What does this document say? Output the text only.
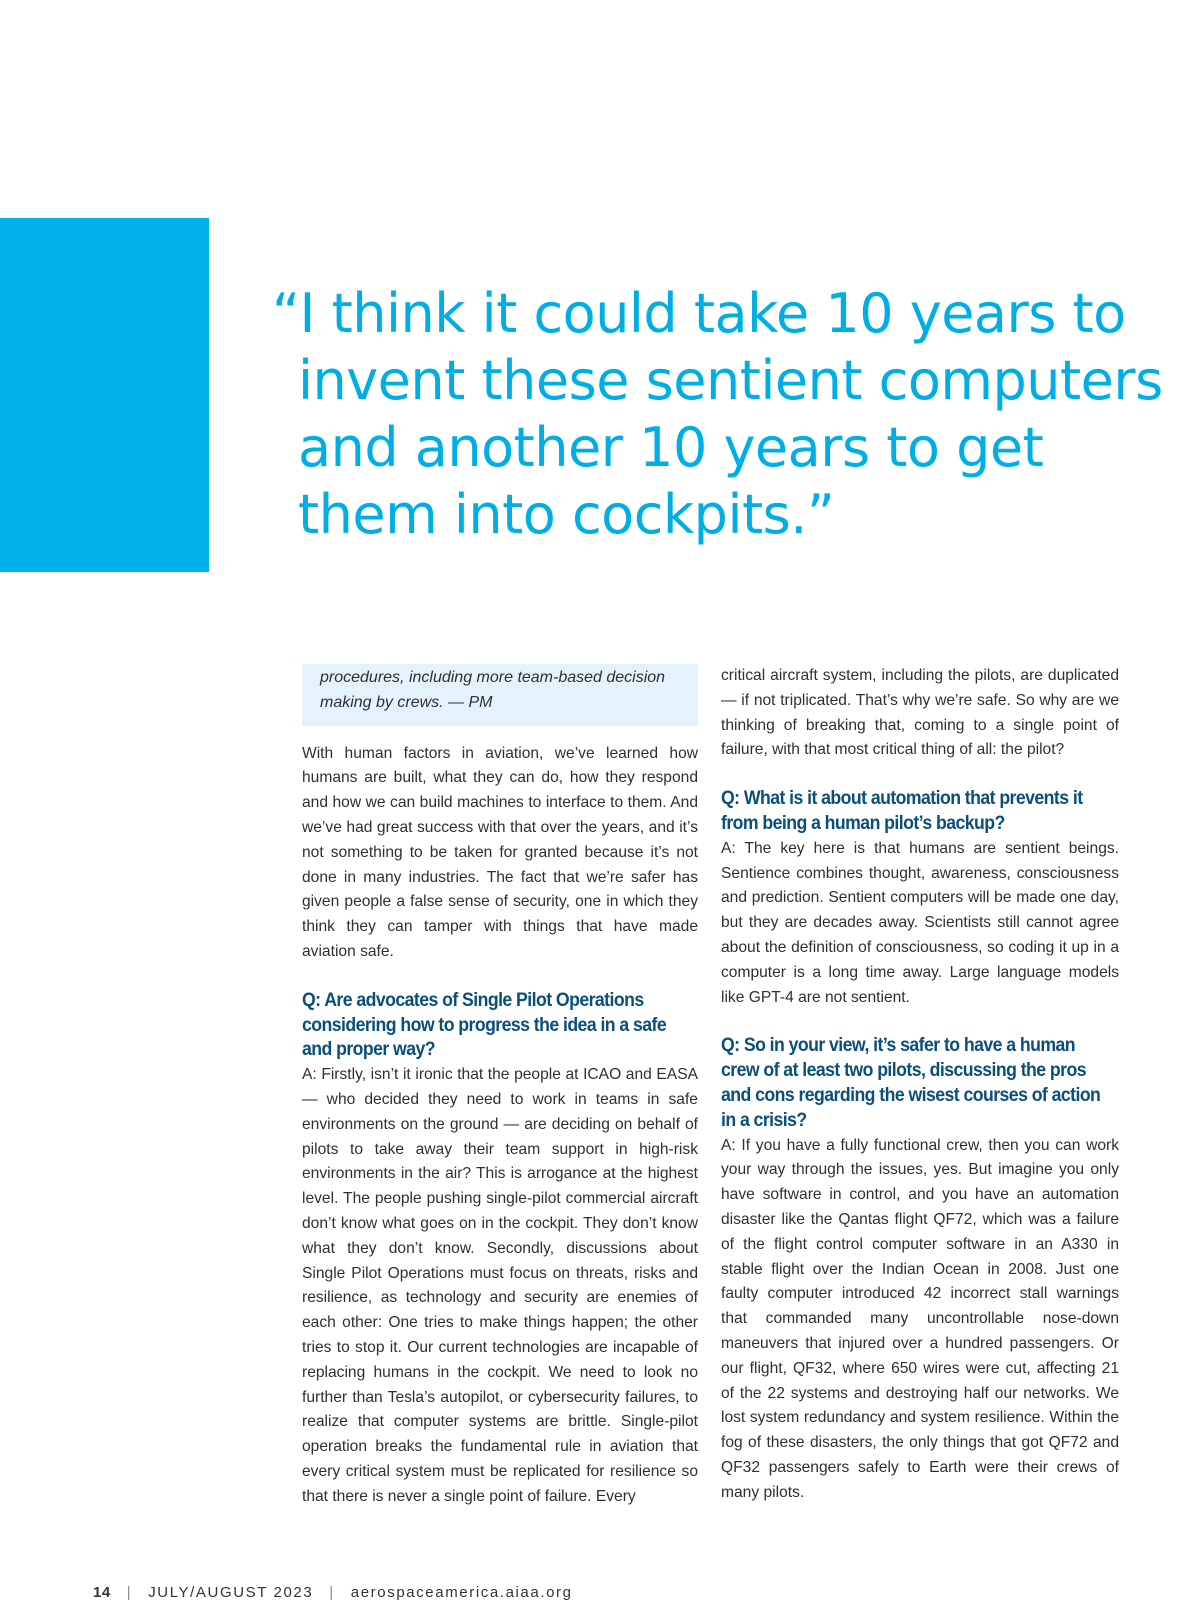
“I think it could take 10 years to
invent these sentient computers
and another 10 years to get
them into cockpits.”
procedures, including more team-based decision making by crews. — PM

With human factors in aviation, we’ve learned how humans are built, what they can do, how they respond and how we can build machines to interface to them. And we’ve had great success with that over the years, and it’s not something to be taken for granted because it’s not done in many industries. The fact that we’re safer has given people a false sense of security, one in which they think they can tamper with things that have made aviation safe.

Q: Are advocates of Single Pilot Operations considering how to progress the idea in a safe and proper way?

A: Firstly, isn’t it ironic that the people at ICAO and EASA — who decided they need to work in teams in safe environments on the ground — are deciding on behalf of pilots to take away their team support in high-risk environments in the air? This is arrogance at the highest level. The people pushing single-pilot commercial aircraft don’t know what goes on in the cockpit. They don’t know what they don’t know. Secondly, discussions about Single Pilot Operations must focus on threats, risks and resilience, as technology and security are enemies of each other: One tries to make things happen; the other tries to stop it. Our current technologies are incapable of replacing humans in the cockpit. We need to look no further than Tesla’s autopilot, or cybersecurity failures, to realize that computer systems are brittle. Single-pilot operation breaks the fundamental rule in aviation that every critical system must be replicated for resilience so that there is never a single point of failure. Every

critical aircraft system, including the pilots, are duplicated — if not triplicated. That’s why we’re safe. So why are we thinking of breaking that, coming to a single point of failure, with that most critical thing of all: the pilot?

Q: What is it about automation that prevents it from being a human pilot’s backup?

A: The key here is that humans are sentient beings. Sentience combines thought, awareness, consciousness and prediction. Sentient computers will be made one day, but they are decades away. Scientists still cannot agree about the definition of consciousness, so coding it up in a computer is a long time away. Large language models like GPT-4 are not sentient.

Q: So in your view, it’s safer to have a human crew of at least two pilots, discussing the pros and cons regarding the wisest courses of action in a crisis?

A: If you have a fully functional crew, then you can work your way through the issues, yes. But imagine you only have software in control, and you have an automation disaster like the Qantas flight QF72, which was a failure of the flight control computer software in an A330 in stable flight over the Indian Ocean in 2008. Just one faulty computer introduced 42 incorrect stall warnings that commanded many uncontrollable nose-down maneuvers that injured over a hundred passengers. Or our flight, QF32, where 650 wires were cut, affecting 21 of the 22 systems and destroying half our networks. We lost system redundancy and system resilience. Within the fog of these disasters, the only things that got QF72 and QF32 passengers safely to Earth were their crews of many pilots.

14 | JULY/AUGUST 2023 | aerospaceamerica.aiaa.org
